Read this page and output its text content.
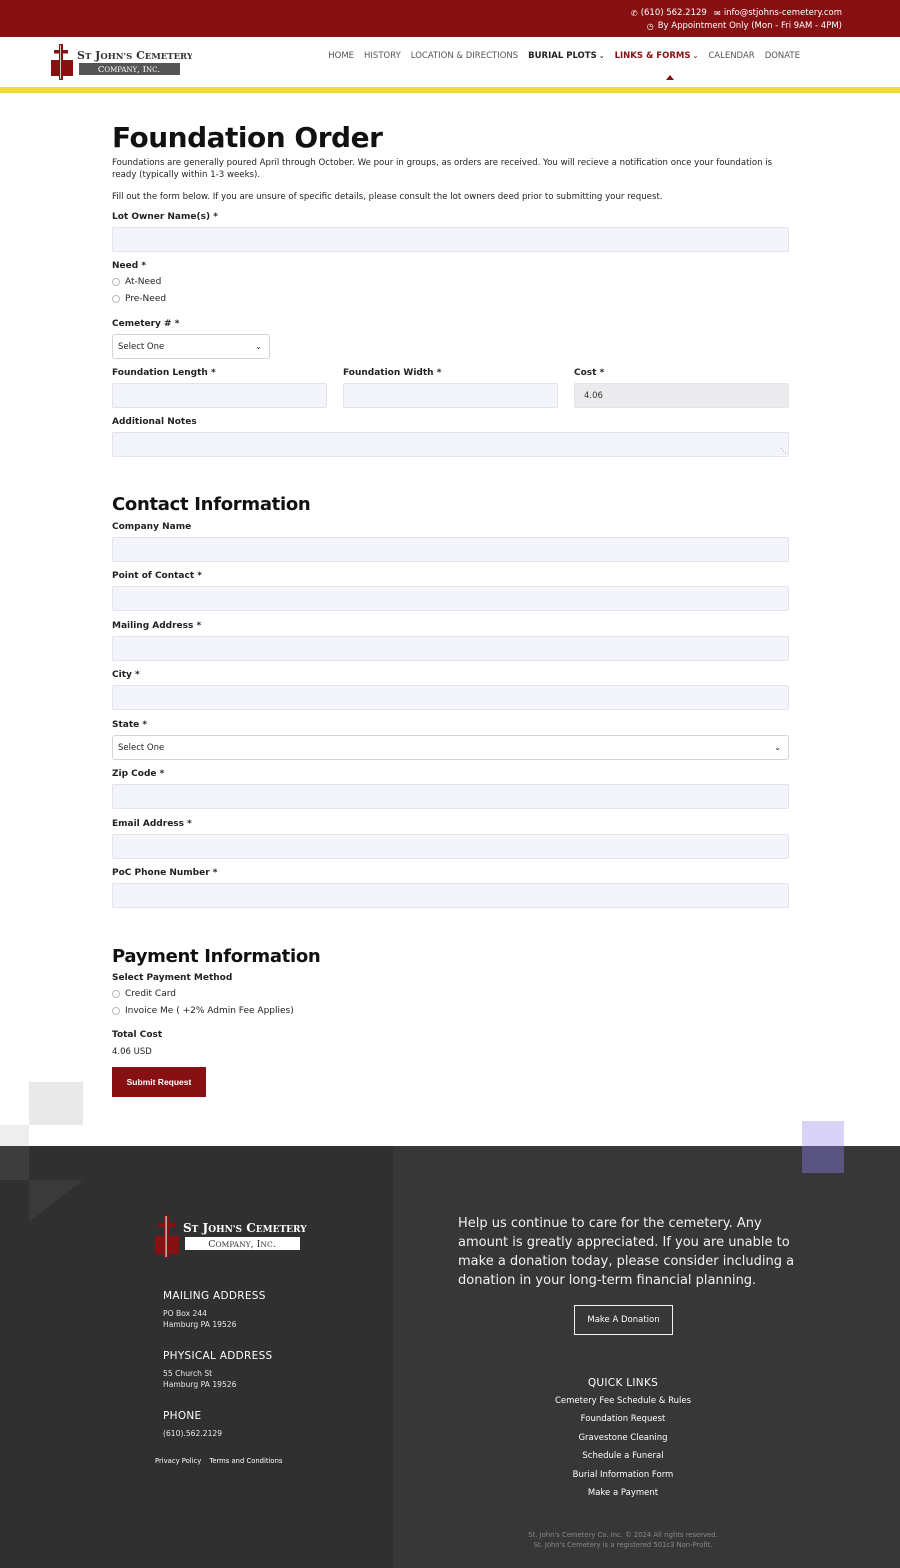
✆ (610) 562.2129 ✉ info@stjohns-cemetery.com
◷ By Appointment Only (Mon - Fri 9AM - 4PM)
ST JOHN'S CEMETERY
COMPANY, INC.
HOME HISTORY LOCATION & DIRECTIONS BURIAL PLOTS ⌄ LINKS & FORMS ⌄ CALENDAR DONATE
Foundation Order

Foundations are generally poured April through October. We pour in groups, as orders are received. You will recieve a notification once your foundation is ready (typically within 1-3 weeks).

Fill out the form below. If you are unsure of specific details, please consult the lot owners deed prior to submitting your request.

Lot Owner Name(s) *
Need *
At-Need
Pre-Need
Cemetery # *
Select One	⌄
Foundation Length *	Foundation Width *	Cost *
4.06
Additional Notes
⋱
Contact Information
Company Name
Point of Contact *
Mailing Address *
City *
State *
Select One	⌄
Zip Code *
Email Address *
PoC Phone Number *
Payment Information
Select Payment Method
Credit Card
Invoice Me ( +2% Admin Fee Applies)
Total Cost
4.06 USD
Submit Request
ST JOHN'S CEMETERY
COMPANY, INC.
MAILING ADDRESS
PO Box 244
Hamburg PA 19526
PHYSICAL ADDRESS
55 Church St
Hamburg PA 19526
PHONE
(610).562.2129
Privacy Policy Terms and Conditions
Help us continue to care for the cemetery. Any amount is greatly appreciated. If you are unable to make a donation today, please consider including a donation in your long-term financial planning.
Make A Donation
QUICK LINKS
Cemetery Fee Schedule & Rules
Foundation Request
Gravestone Cleaning
Schedule a Funeral
Burial Information Form
Make a Payment
St. John's Cemetery Co. Inc. © 2024 All rights reserved.
St. John's Cemetery is a registered 501c3 Non-Profit.
